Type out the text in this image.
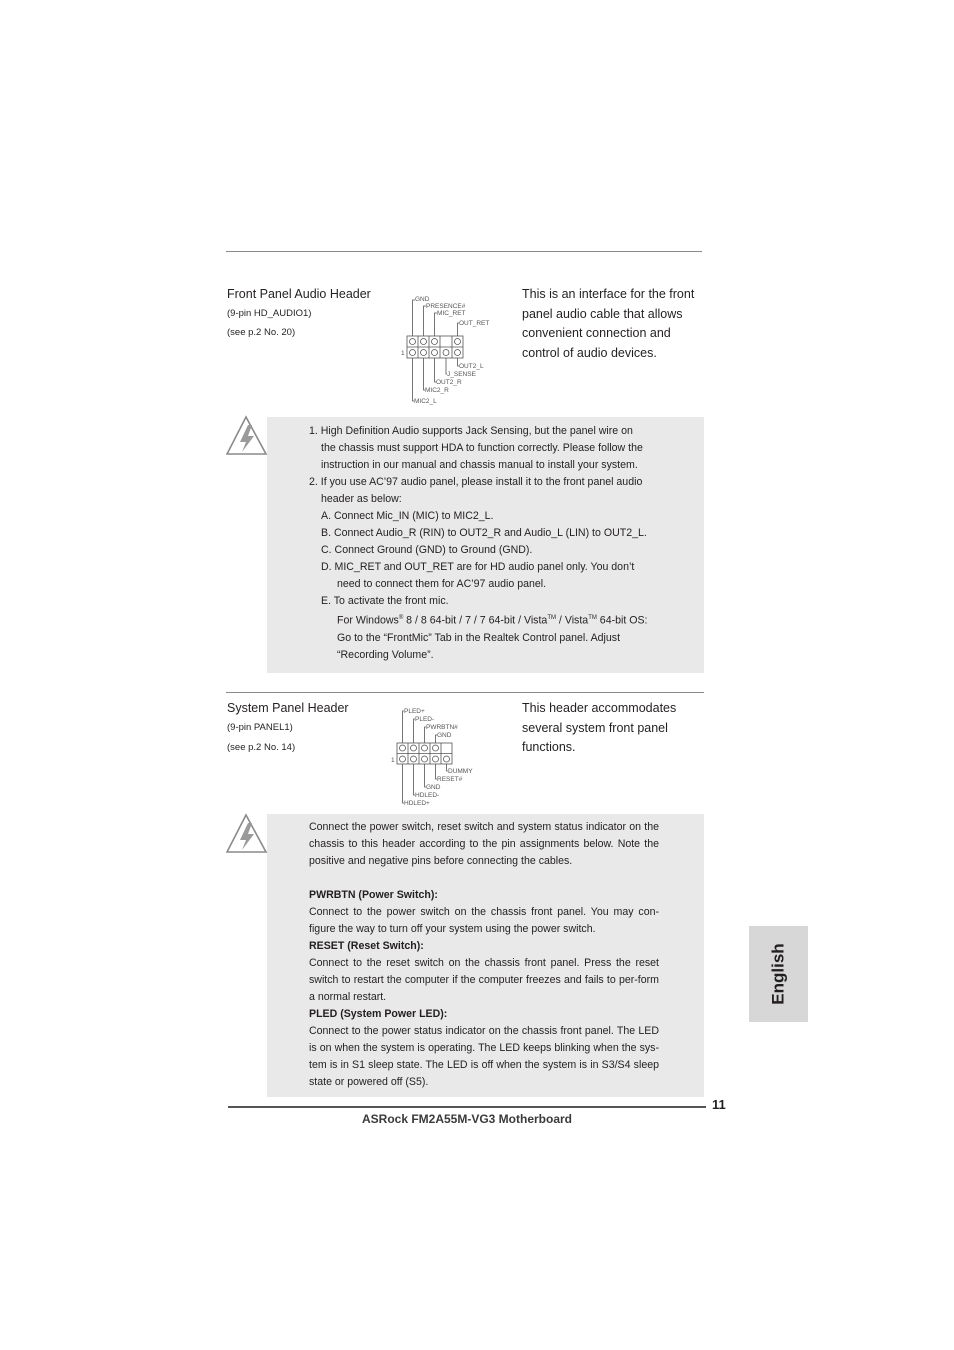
Front Panel Audio Header
(9-pin HD_AUDIO1)
(see p.2 No. 20)
This is an interface for the front panel audio cable that allows convenient connection and control of audio devices.
GND
PRESENCE#
MIC_RET
OUT_RET
1
OUT2_L
J_SENSE
OUT2_R
MIC2_R
MIC2_L

1. High Definition Audio supports Jack Sensing, but the panel wire on

the chassis must support HDA to function correctly. Please follow the

instruction in our manual and chassis manual to install your system.

2. If you use AC’97 audio panel, please install it to the front panel audio

header as below:

A. Connect Mic_IN (MIC) to MIC2_L.

B. Connect Audio_R (RIN) to OUT2_R and Audio_L (LIN) to OUT2_L.

C. Connect Ground (GND) to Ground (GND).

D. MIC_RET and OUT_RET are for HD audio panel only. You don’t

need to connect them for AC’97 audio panel.

E. To activate the front mic.

For Windows® 8 / 8 64-bit / 7 / 7 64-bit / Vista™ / Vista™ 64-bit OS:

Go to the “FrontMic” Tab in the Realtek Control panel. Adjust

“Recording Volume”.

System Panel Header
(9-pin PANEL1)
(see p.2 No. 14)
This header accommodates several system front panel functions.
PLED+
PLED-
PWRBTN#
GND
1
DUMMY
RESET#
GND
HDLED-
HDLED+

Connect the power switch, reset switch and system status indicator on the chassis to this header according to the pin assignments below. Note the positive and negative pins before connecting the cables.

PWRBTN (Power Switch):

Connect to the power switch on the chassis front panel. You may con-figure the way to turn off your system using the power switch.

RESET (Reset Switch):

Connect to the reset switch on the chassis front panel. Press the reset switch to restart the computer if the computer freezes and fails to per-form a normal restart.

PLED (System Power LED):

Connect to the power status indicator on the chassis front panel. The LED is on when the system is operating. The LED keeps blinking when the sys-tem is in S1 sleep state. The LED is off when the system is in S3/S4 sleep state or powered off (S5).

English
11
ASRock FM2A55M-VG3 Motherboard
